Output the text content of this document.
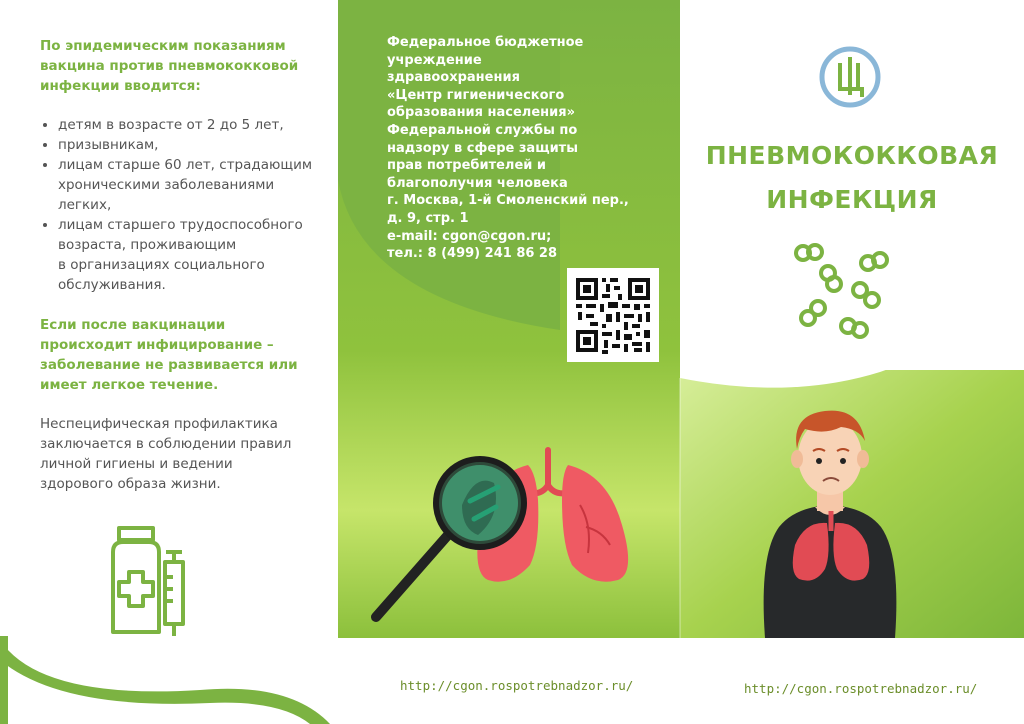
По эпидемическим показаниям
вакцина против пневмококковой
инфекции вводится:
• детям в возрасте от 2 до 5 лет,
• призывникам,
• лицам старше 60 лет, страдающим
хроническими заболеваниями
легких,
• лицам старшего трудоспособного
возраста, проживающим
в организациях социального
обслуживания.
Если после вакцинации
происходит инфицирование –
заболевание не развивается или
имеет легкое течение.
Неспецифическая профилактика
заключается в соблюдении правил
личной гигиены и ведении
здорового образа жизни.
Федеральное бюджетное
учреждение
здравоохранения
«Центр гигиенического
образования населения»
Федеральной службы по
надзору в сфере защиты
прав потребителей и
благополучия человека
г. Москва, 1-й Смоленский пер.,
д. 9, стр. 1
e-mail: cgon@cgon.ru;
тел.: 8 (499) 241 86 28
http://cgon.rospotrebnadzor.ru/
ПНЕВМОКОККОВАЯ
ИНФЕКЦИЯ
http://cgon.rospotrebnadzor.ru/
